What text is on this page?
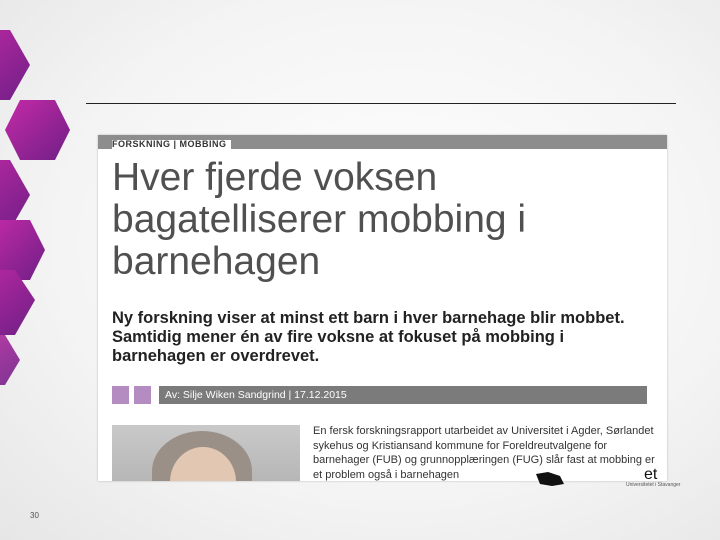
FORSKNING | MOBBING
Hver fjerde voksen bagatelliserer mobbing i barnehagen
Ny forskning viser at minst ett barn i hver barnehage blir mobbet. Samtidig mener én av fire voksne at fokuset på mobbing i barnehagen er overdrevet.
Av: Silje Wiken Sandgrind | 17.12.2015
En fersk forskningsrapport utarbeidet av Universitet i Agder, Sørlandet sykehus og Kristiansand kommune for Foreldreutvalgene for barnehager (FUB) og grunnopplæringen (FUG) slår fast at mobbing er et problem også i barnehagen	et
Universitetet i Stavanger
30
